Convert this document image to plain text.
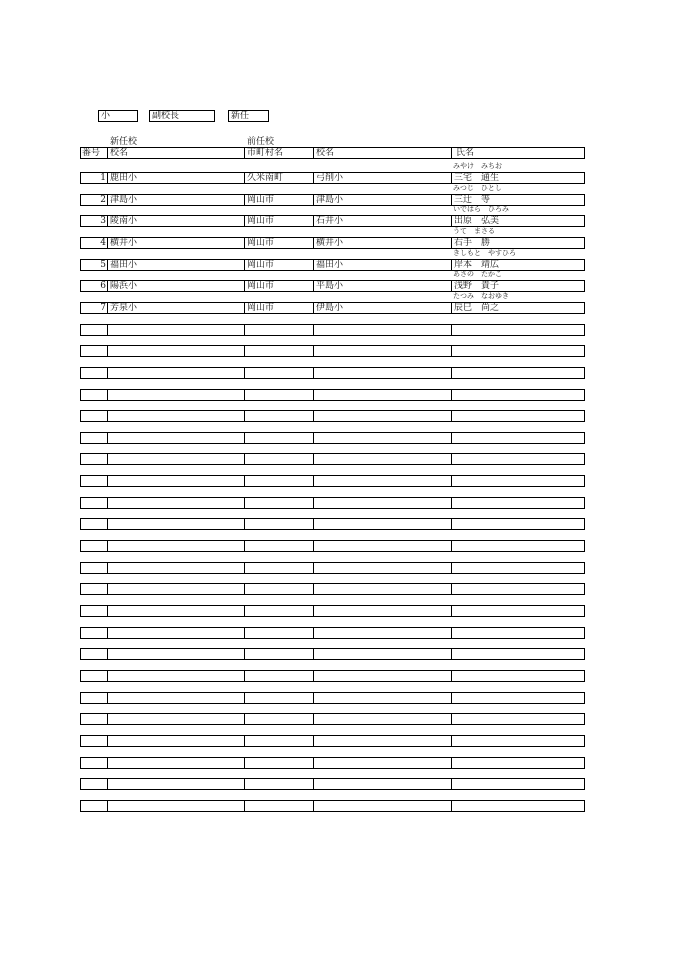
小	副校長	新任
新任校	前任校
番号	校名	市町村名	校名	氏名
みやけ　みちお
1 鹿田小	久米南町	弓削小	三宅　通生
みつじ　ひとし
2 津島小	岡山市	津島小	三辻　等
いではら　ひろみ
3 陵南小	岡山市	石井小	出原　弘美
うて　まさる
4 横井小	岡山市	横井小	右手　勝
きしもと　やすひろ
5 福田小	岡山市	福田小	岸本　靖広
あさの　たかこ
6 陽浜小	岡山市	平島小	浅野　貴子
たつみ　なおゆき
7 芳泉小	岡山市	伊島小	辰巳　尚之
